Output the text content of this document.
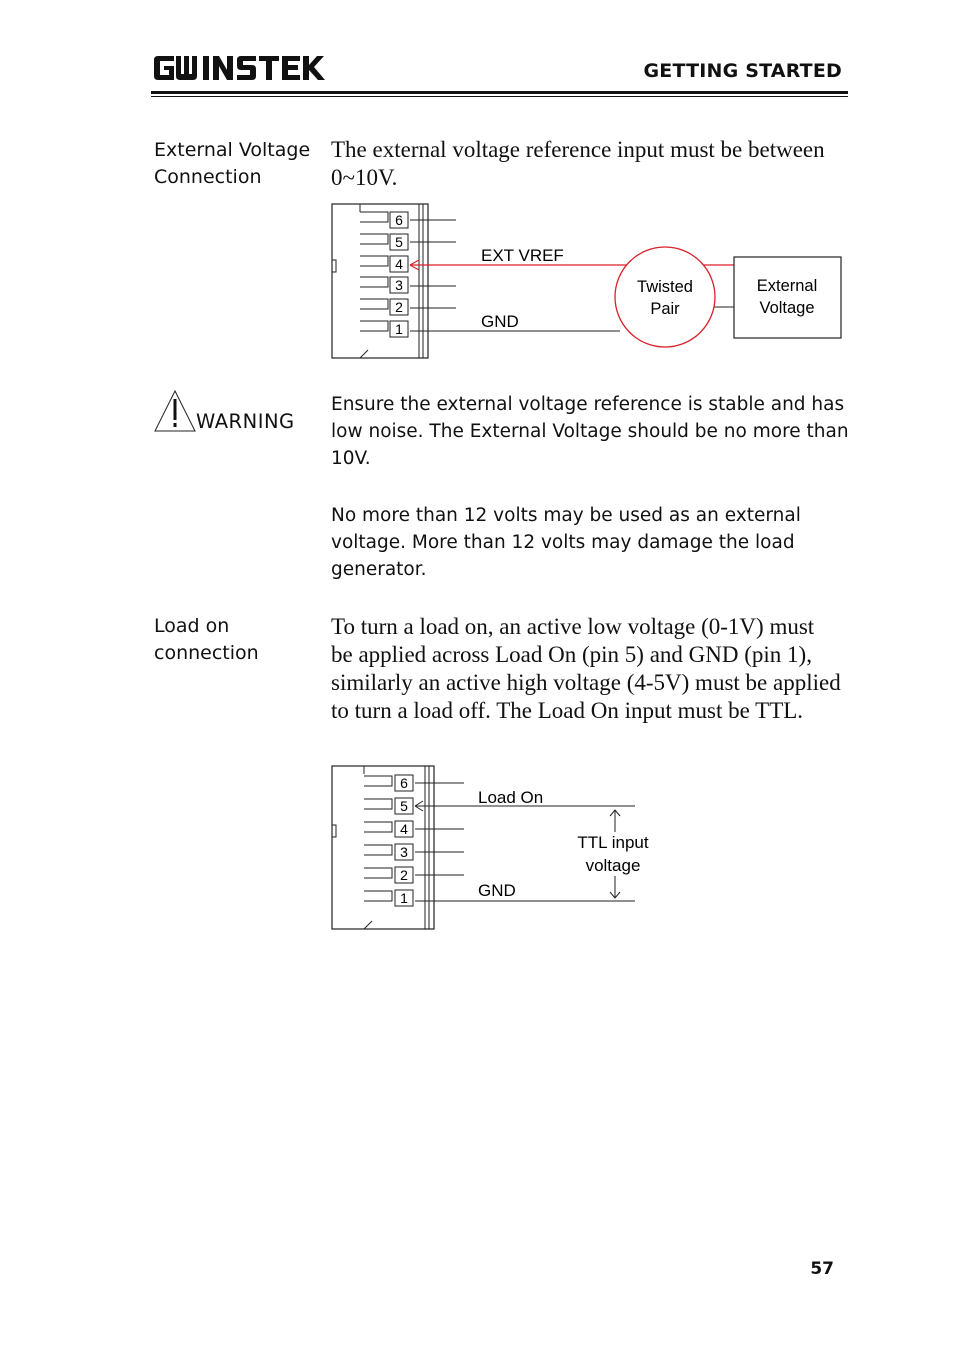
GETTING STARTED
External Voltage
Connection
The external voltage reference input must be between 0~10V.
6
5
4
3
2
1
EXT VREF
GND
Twisted
Pair
External
Voltage
WARNING
Ensure the external voltage reference is stable and has low noise. The External Voltage should be no more than 10V.
No more than 12 volts may be used as an external voltage. More than 12 volts may damage the load generator.
Load on
connection
To turn a load on, an active low voltage (0-1V) must be applied across Load On (pin 5) and GND (pin 1), similarly an active high voltage (4-5V) must be applied to turn a load off. The Load On input must be TTL.
6
5
4
3
2
1
Load On
GND
TTL input
voltage
57
